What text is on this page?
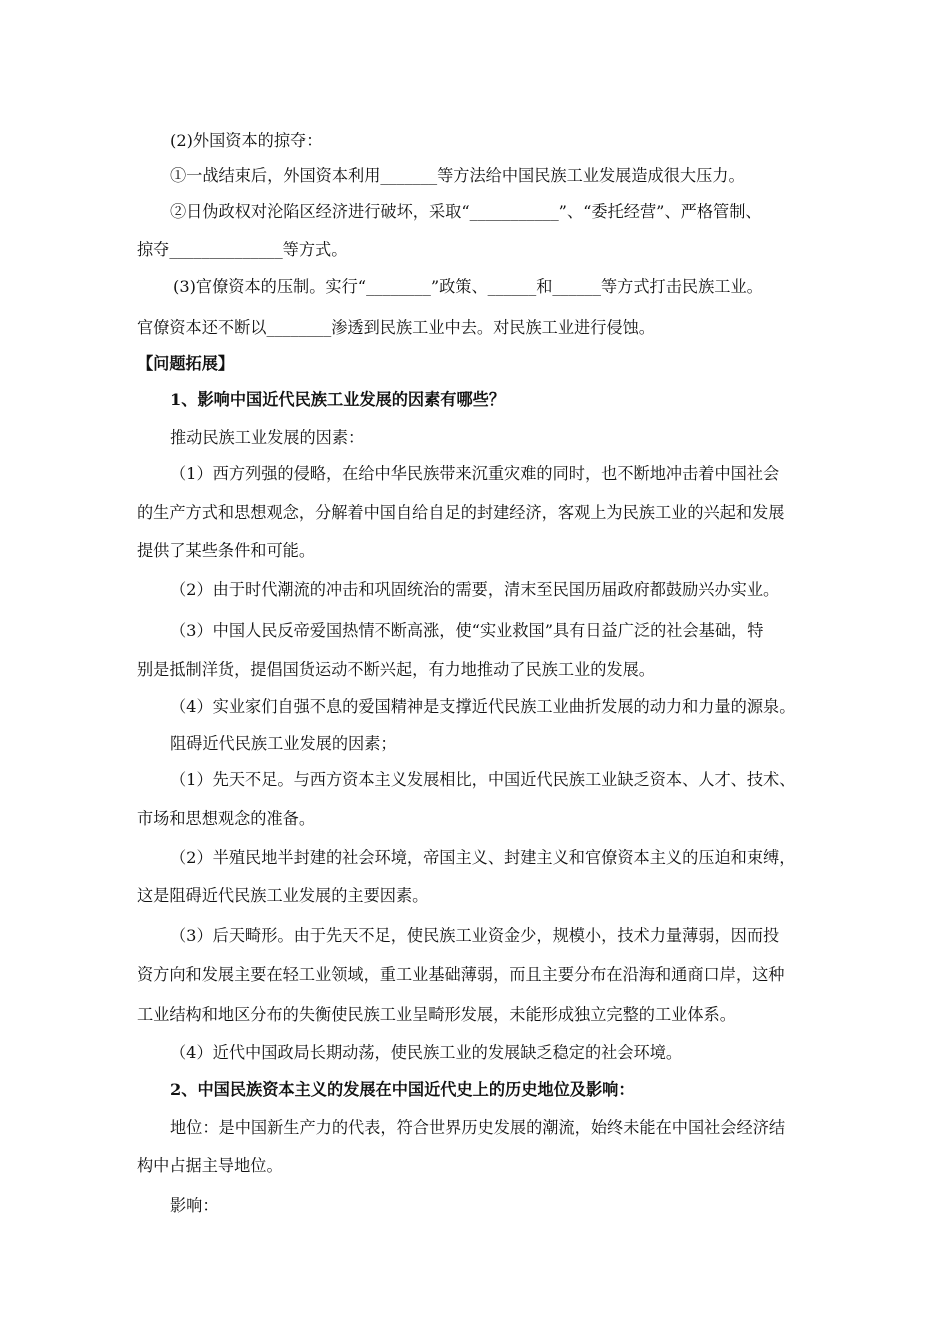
(2)外国资本的掠夺：
①一战结束后，外国资本利用_______等方法给中国民族工业发展造成很大压力。
②日伪政权对沦陷区经济进行破坏，采取“___________”、“委托经营”、严格管制、
掠夺______________等方式。
(3)官僚资本的压制。实行“________”政策、______和______等方式打击民族工业。
官僚资本还不断以________渗透到民族工业中去。对民族工业进行侵蚀。
【问题拓展】
1、影响中国近代民族工业发展的因素有哪些？
推动民族工业发展的因素：
（1）西方列强的侵略，在给中华民族带来沉重灾难的同时，也不断地冲击着中国社会
的生产方式和思想观念，分解着中国自给自足的封建经济，客观上为民族工业的兴起和发展
提供了某些条件和可能。
（2）由于时代潮流的冲击和巩固统治的需要，清末至民国历届政府都鼓励兴办实业。
（3）中国人民反帝爱国热情不断高涨，使“实业救国”具有日益广泛的社会基础，特
别是抵制洋货，提倡国货运动不断兴起，有力地推动了民族工业的发展。
（4）实业家们自强不息的爱国精神是支撑近代民族工业曲折发展的动力和力量的源泉。
阻碍近代民族工业发展的因素；
（1）先天不足。与西方资本主义发展相比，中国近代民族工业缺乏资本、人才、技术、
市场和思想观念的准备。
（2）半殖民地半封建的社会环境，帝国主义、封建主义和官僚资本主义的压迫和束缚，
这是阻碍近代民族工业发展的主要因素。
（3）后天畸形。由于先天不足，使民族工业资金少，规模小，技术力量薄弱，因而投
资方向和发展主要在轻工业领域，重工业基础薄弱，而且主要分布在沿海和通商口岸，这种
工业结构和地区分布的失衡使民族工业呈畸形发展，未能形成独立完整的工业体系。
（4）近代中国政局长期动荡，使民族工业的发展缺乏稳定的社会环境。
2、中国民族资本主义的发展在中国近代史上的历史地位及影响：
地位：是中国新生产力的代表，符合世界历史发展的潮流，始终未能在中国社会经济结
构中占据主导地位。
影响：
